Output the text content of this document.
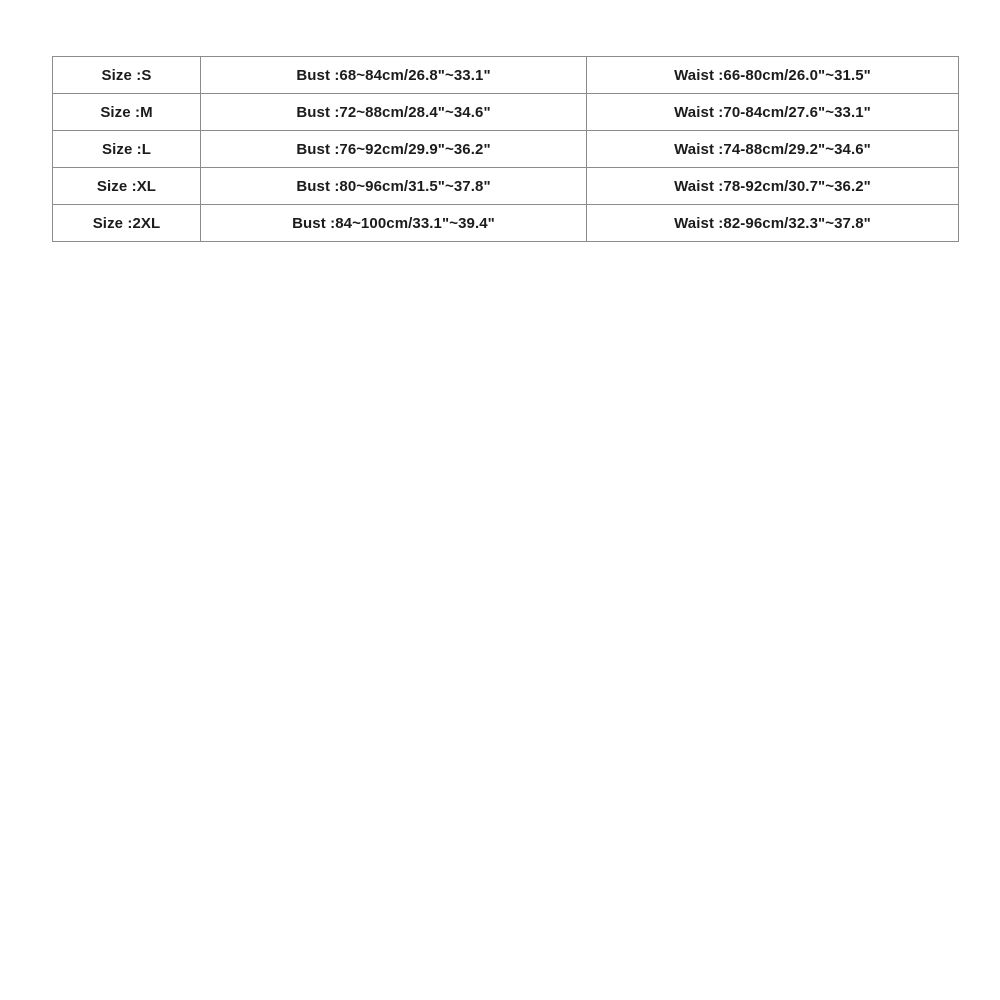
Size :S	Bust :68~84cm/26.8"~33.1"	Waist :66-80cm/26.0"~31.5"
Size :M	Bust :72~88cm/28.4"~34.6"	Waist :70-84cm/27.6"~33.1"
Size :L	Bust :76~92cm/29.9"~36.2"	Waist :74-88cm/29.2"~34.6"
Size :XL	Bust :80~96cm/31.5"~37.8"	Waist :78-92cm/30.7"~36.2"
Size :2XL	Bust :84~100cm/33.1"~39.4"	Waist :82-96cm/32.3"~37.8"
